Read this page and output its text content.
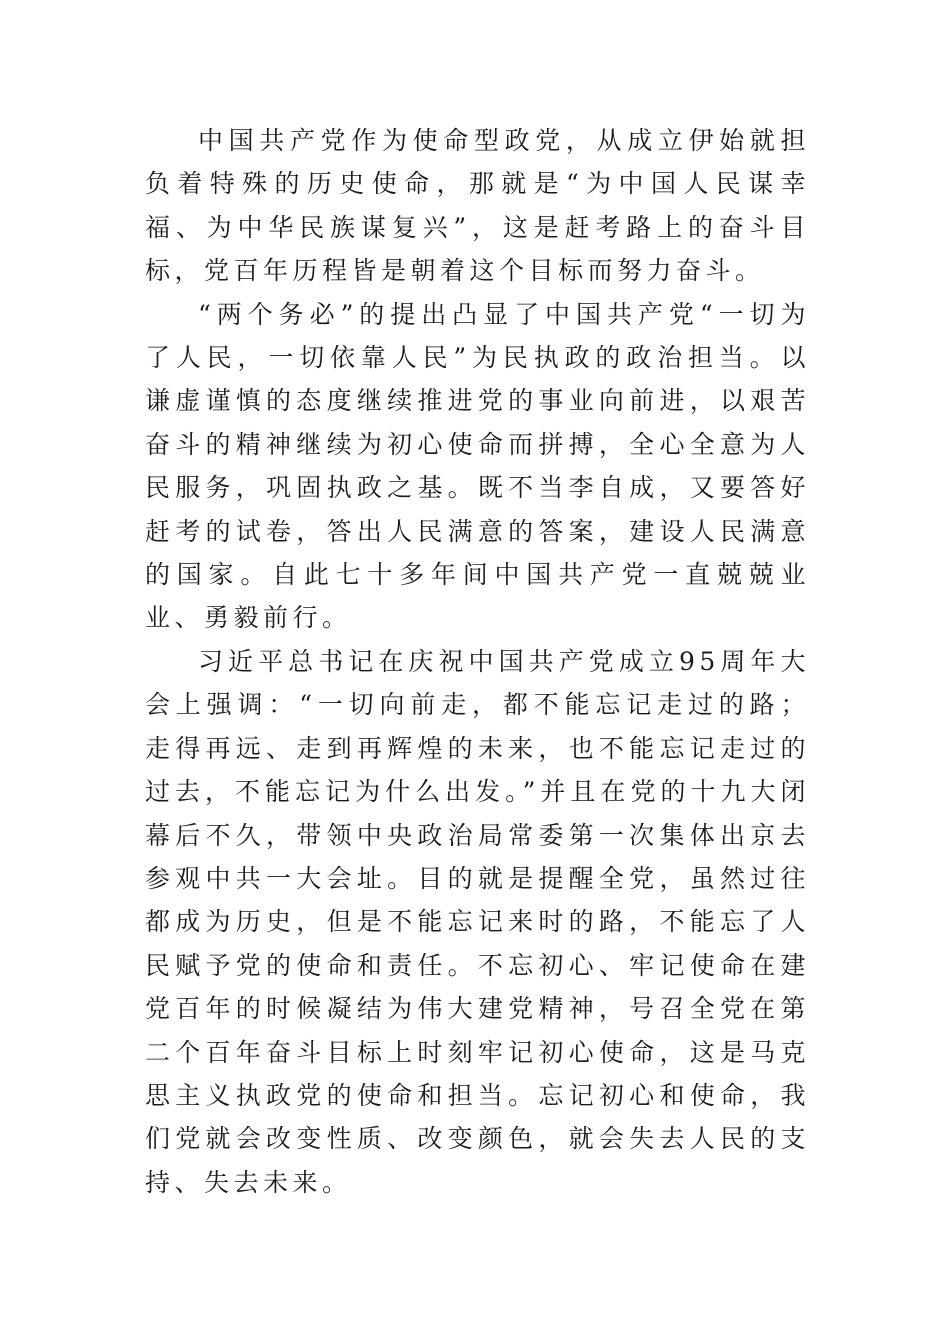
中国共产党作为使命型政党，从成立伊始就担负着特殊的历史使命，那就是“为中国人民谋幸福、为中华民族谋复兴”，这是赶考路上的奋斗目标，党百年历程皆是朝着这个目标而努力奋斗。

“两个务必”的提出凸显了中国共产党“一切为了人民，一切依靠人民”为民执政的政治担当。以谦虚谨慎的态度继续推进党的事业向前进，以艰苦奋斗的精神继续为初心使命而拼搏，全心全意为人民服务，巩固执政之基。既不当李自成，又要答好赶考的试卷，答出人民满意的答案，建设人民满意的国家。自此七十多年间中国共产党一直兢兢业业、勇毅前行。

习近平总书记在庆祝中国共产党成立95周年大会上强调：“一切向前走，都不能忘记走过的路；走得再远、走到再辉煌的未来，也不能忘记走过的过去，不能忘记为什么出发。”并且在党的十九大闭幕后不久，带领中央政治局常委第一次集体出京去参观中共一大会址。目的就是提醒全党，虽然过往都成为历史，但是不能忘记来时的路，不能忘了人民赋予党的使命和责任。不忘初心、牢记使命在建党百年的时候凝结为伟大建党精神，号召全党在第二个百年奋斗目标上时刻牢记初心使命，这是马克思主义执政党的使命和担当。忘记初心和使命，我们党就会改变性质、改变颜色，就会失去人民的支持、失去未来。
